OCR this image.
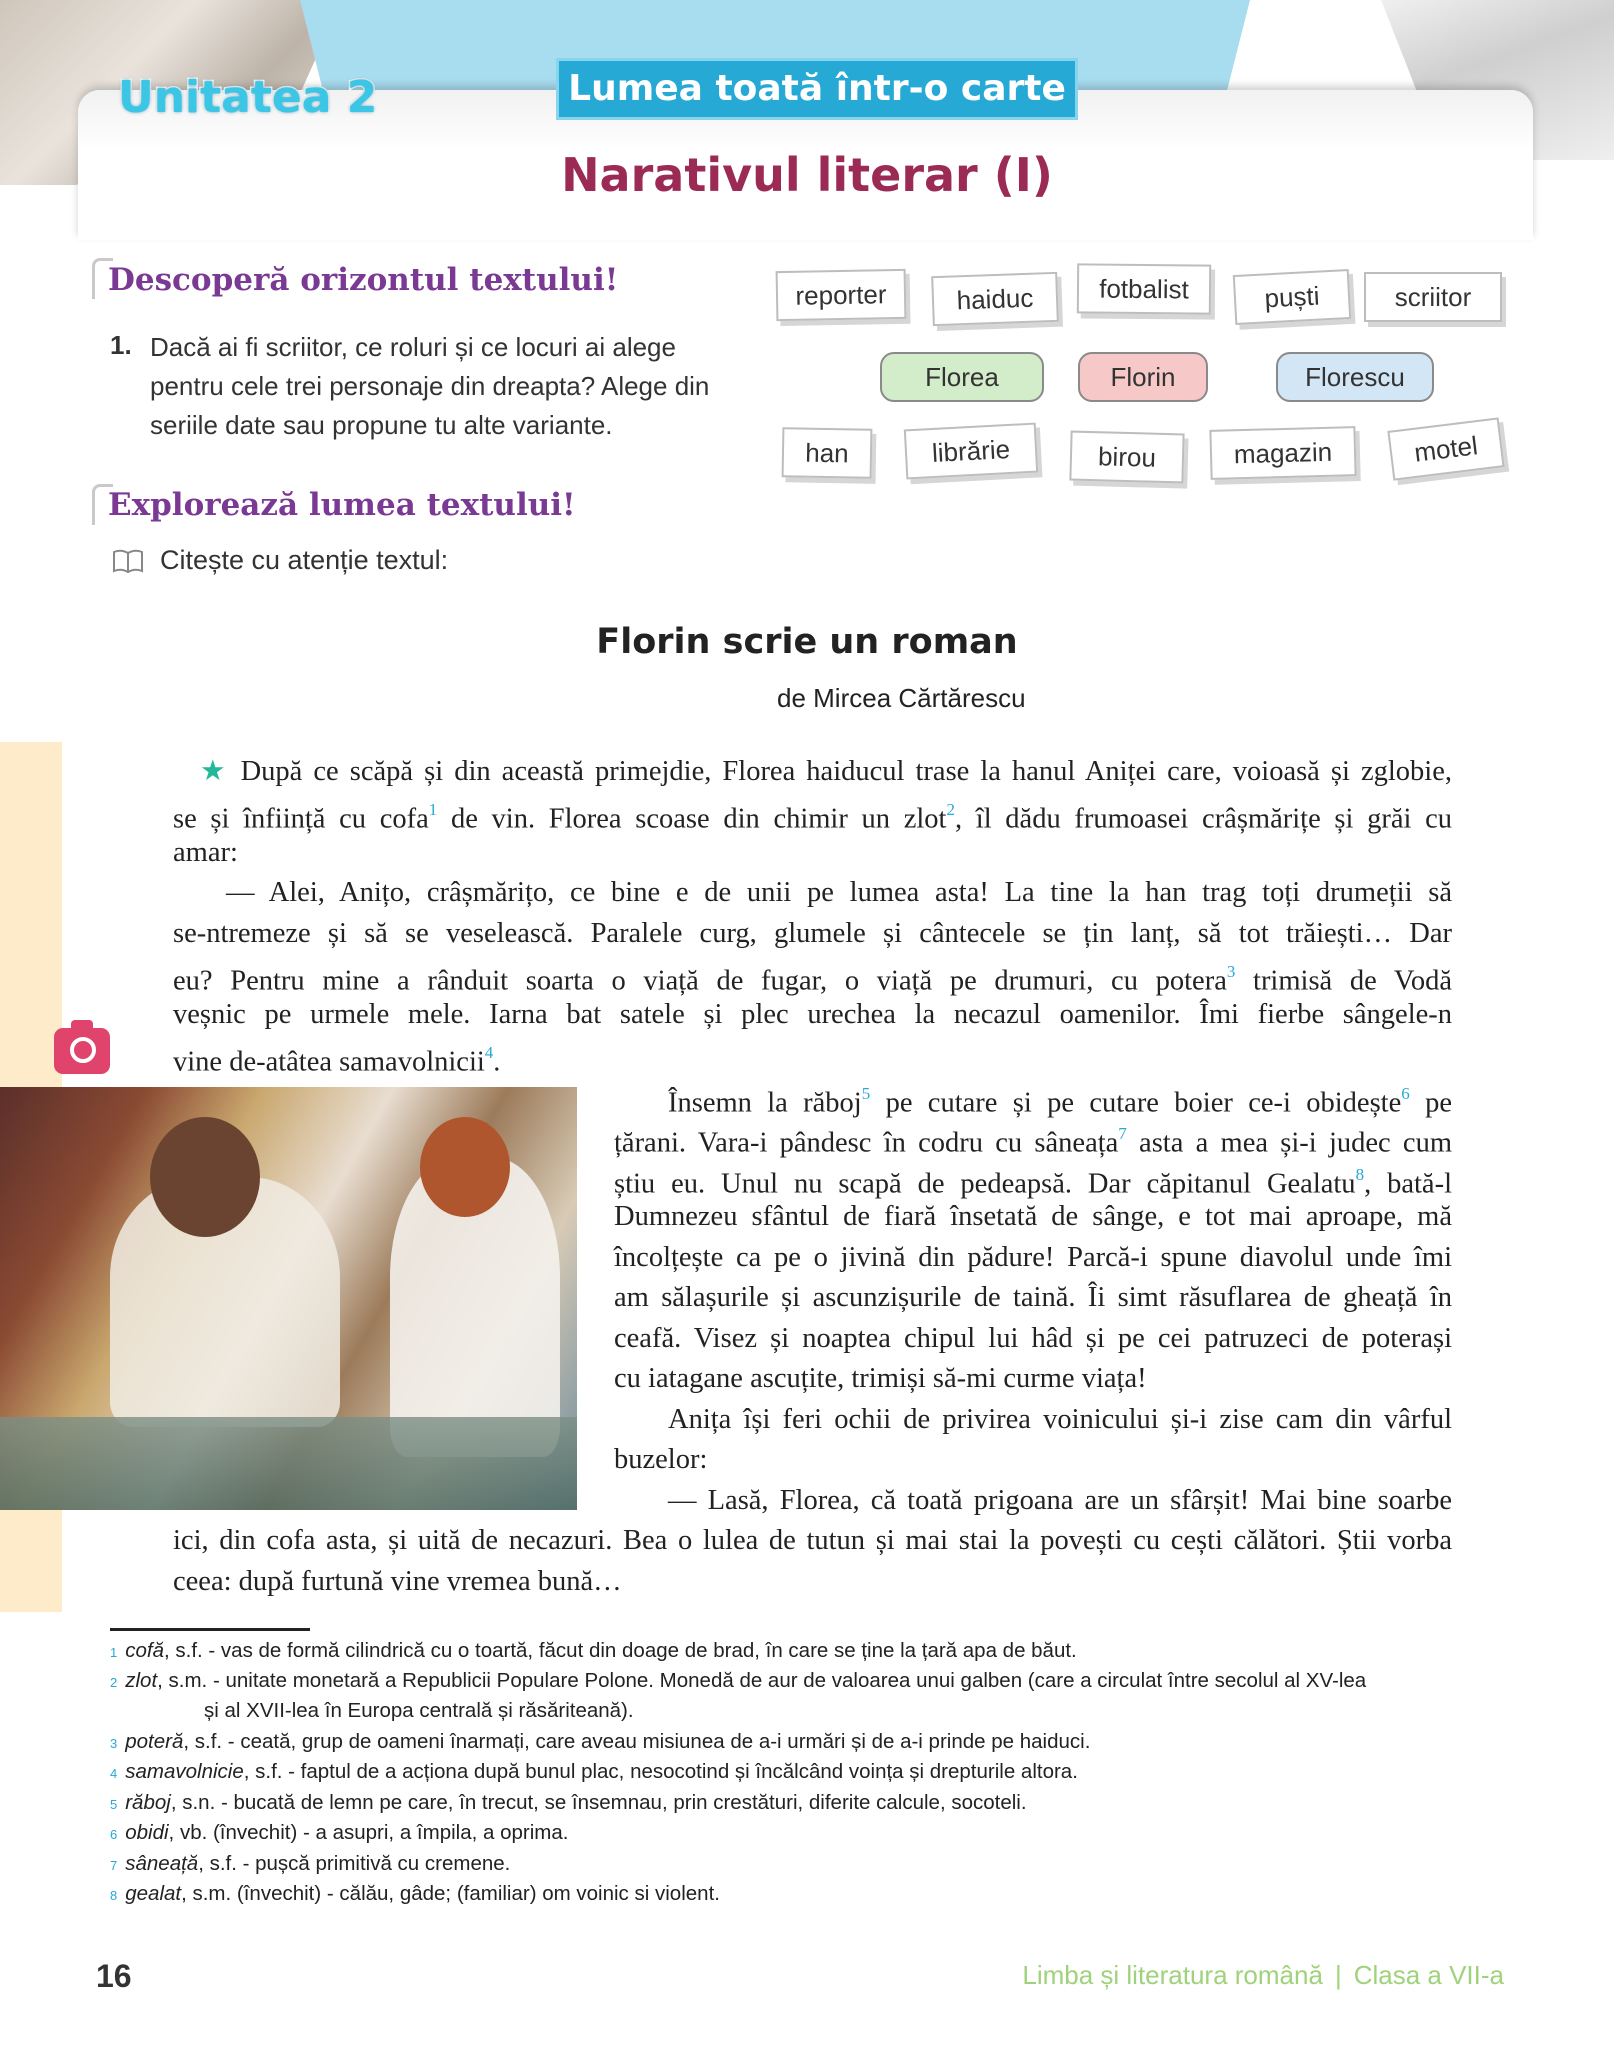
Unitatea 2	Lumea toată într-o carte
Narativul literar (I)
Descoperă orizontul textului!
1. Dacă ai fi scriitor, ce roluri și ce locuri ai alege
pentru cele trei personaje din dreapta? Alege din
seriile date sau propune tu alte variante.
reporter	haiduc	fotbalist	puști	scriitor
Florea	Florin	Florescu
han	librărie	birou	magazin	motel
Explorează lumea textului!
Citește cu atenție textul:
Florin scrie un roman
de Mircea Cărtărescu
★ După ce scăpă și din această primejdie, Florea haiducul trase la hanul Aniței care, voioasă și zglobie,
se și înființă cu cofa$^1$ de vin. Florea scoase din chimir un zlot$^2$, îl dădu frumoasei crâșmărițe și grăi cu
amar:
— Alei, Anițo, crâșmărițo, ce bine e de unii pe lumea asta! La tine la han trag toți drumeții să
se-ntremeze și să se veselească. Paralele curg, glumele și cântecele se țin lanț, să tot trăiești… Dar
eu? Pentru mine a rânduit soarta o viață de fugar, o viață pe drumuri, cu potera$^3$ trimisă de Vodă
veșnic pe urmele mele. Iarna bat satele și plec urechea la necazul oamenilor. Îmi fierbe sângele-n
vine de-atâtea samavolnicii$^4$.
Însemn la răboj$^5$ pe cutare și pe cutare boier ce-i obidește$^6$ pe
țărani. Vara-i pândesc în codru cu sâneața$^7$ asta a mea și-i judec cum
știu eu. Unul nu scapă de pedeapsă. Dar căpitanul Gealatu$^8$, bată-l
Dumnezeu sfântul de fiară însetată de sânge, e tot mai aproape, mă
încolțește ca pe o jivină din pădure! Parcă-i spune diavolul unde îmi
am sălașurile și ascunzișurile de taină. Îi simt răsuflarea de gheață în
ceafă. Visez și noaptea chipul lui hâd și pe cei patruzeci de poterași
cu iatagane ascuțite, trimiși să-mi curme viața!
Anița își feri ochii de privirea voinicului și-i zise cam din vârful
buzelor:
— Lasă, Florea, că toată prigoana are un sfârșit! Mai bine soarbe
ici, din cofa asta, și uită de necazuri. Bea o lulea de tutun și mai stai la povești cu cești călători. Știi vorba
ceea: după furtună vine vremea bună…
$^1$ cofă, s.f. - vas de formă cilindrică cu o toartă, făcut din doage de brad, în care se ține la țară apa de băut.
$^2$ zlot, s.m. - unitate monetară a Republicii Populare Polone. Monedă de aur de valoarea unui galben (care a circulat între secolul al XV-lea
și al XVII-lea în Europa centrală și răsăriteană).
$^3$ poteră, s.f. - ceată, grup de oameni înarmați, care aveau misiunea de a-i urmări și de a-i prinde pe haiduci.
$^4$ samavolnicie, s.f. - faptul de a acționa după bunul plac, nesocotind și încălcând voința și drepturile altora.
$^5$ răboj, s.n. - bucată de lemn pe care, în trecut, se însemnau, prin crestături, diferite calcule, socoteli.
$^6$ obidi, vb. (învechit) - a asupri, a împila, a oprima.
$^7$ sâneață, s.f. - pușcă primitivă cu cremene.
$^8$ gealat, s.m. (învechit) - călău, gâde; (familiar) om voinic si violent.
16	Limba și literatura română | Clasa a VII-a
